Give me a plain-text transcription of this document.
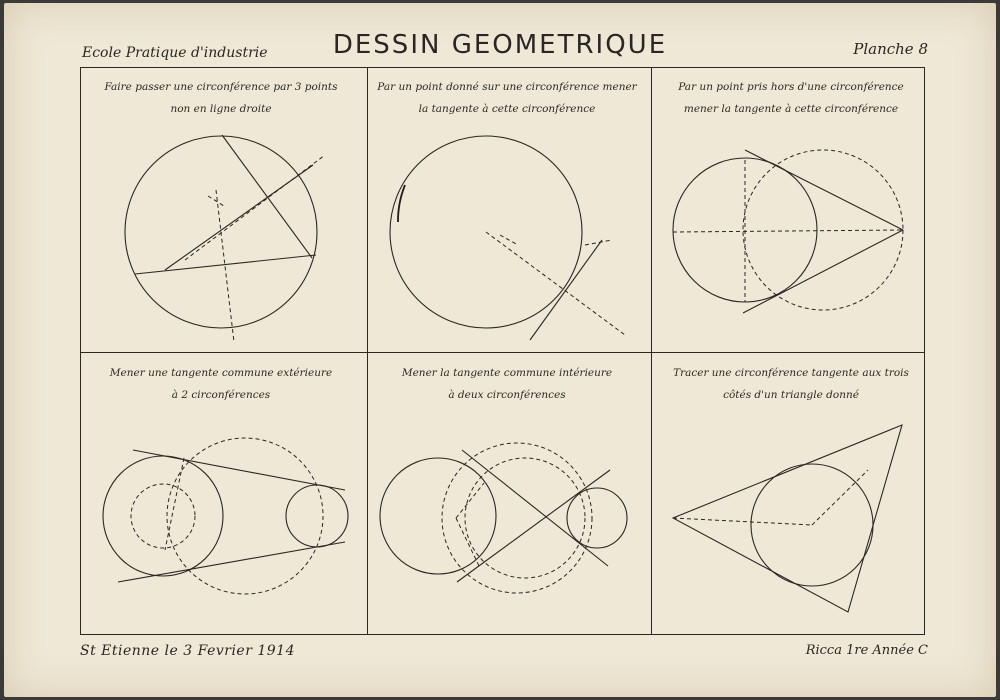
Ecole Pratique d'industrie	DESSIN GEOMETRIQUE	Planche 8
Faire passer une circonférence par 3 points
non en ligne droite
Par un point donné sur une circonférence mener
la tangente à cette circonférence
Par un point pris hors d'une circonférence
mener la tangente à cette circonférence
Mener une tangente commune extérieure
à 2 circonférences
Mener la tangente commune intérieure
à deux circonférences
Tracer une circonférence tangente aux trois
côtés d'un triangle donné
St Etienne le 3 Fevrier 1914	Ricca 1re Année C
